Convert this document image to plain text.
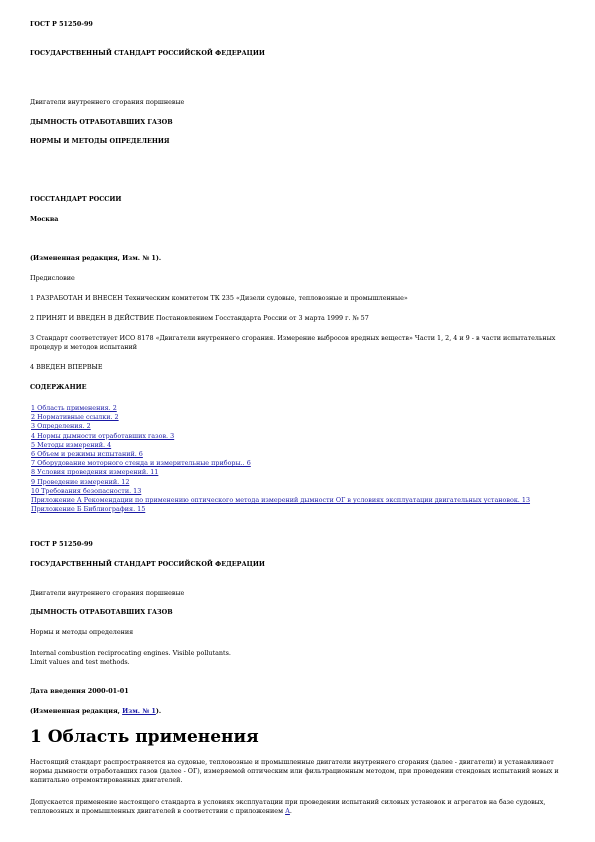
ГОСТ Р 51250-99
ГОСУДАРСТВЕННЫЙ СТАНДАРТ РОССИЙСКОЙ ФЕДЕРАЦИИ
Двигатели внутреннего сгорания поршневые
ДЫМНОСТЬ ОТРАБОТАВШИХ ГАЗОВ
НОРМЫ И МЕТОДЫ ОПРЕДЕЛЕНИЯ
ГОССТАНДАРТ РОССИИ
Москва
(Измененная редакция, Изм. № 1).
Предисловие
1 РАЗРАБОТАН И ВНЕСЕН Техническим комитетом ТК 235 «Дизели судовые, тепловозные и промышленные»
2 ПРИНЯТ И ВВЕДЕН В ДЕЙСТВИЕ Постановлением Госстандарта России от 3 марта 1999 г. № 57
3 Стандарт соответствует ИСО 8178 «Двигатели внутреннего сгорания. Измерение выбросов вредных веществ» Части 1, 2, 4 и 9 - в части испытательных процедур и методов испытаний
4 ВВЕДЕН ВПЕРВЫЕ
СОДЕРЖАНИЕ
1 Область применения. 2
2 Нормативные ссылки. 2
3 Определения. 2
4 Нормы дымности отработавших газов. 3
5 Методы измерений. 4
6 Объем и режимы испытаний. 6
7 Оборудование моторного стенда и измерительные приборы.. 6
8 Условия проведения измерений. 11
9 Проведение измерений. 12
10 Требования безопасности. 13
Приложение А Рекомендации по применению оптического метода измерений дымности ОГ в условиях эксплуатации двигательных установок. 13
Приложение Б Библиография. 15
ГОСТ Р 51250-99
ГОСУДАРСТВЕННЫЙ СТАНДАРТ РОССИЙСКОЙ ФЕДЕРАЦИИ
Двигатели внутреннего сгорания поршневые
ДЫМНОСТЬ ОТРАБОТАВШИХ ГАЗОВ
Нормы и методы определения
Internal combustion reciprocating engines. Visible pollutants.
Limit values and test methods.
Дата введения 2000-01-01
(Измененная редакция, Изм. № 1).
1 Область применения
Настоящий стандарт распространяется на судовые, тепловозные и промышленные двигатели внутреннего сгорания (далее - двигатели) и устанавливает нормы дымности отработавших газов (далее - ОГ), измеряемой оптическим или фильтрационным методом, при проведении стендовых испытаний новых и капитально отремонтированных двигателей.
Допускается применение настоящего стандарта в условиях эксплуатации при проведении испытаний силовых установок и агрегатов на базе судовых, тепловозных и промышленных двигателей в соответствии с приложением А.
